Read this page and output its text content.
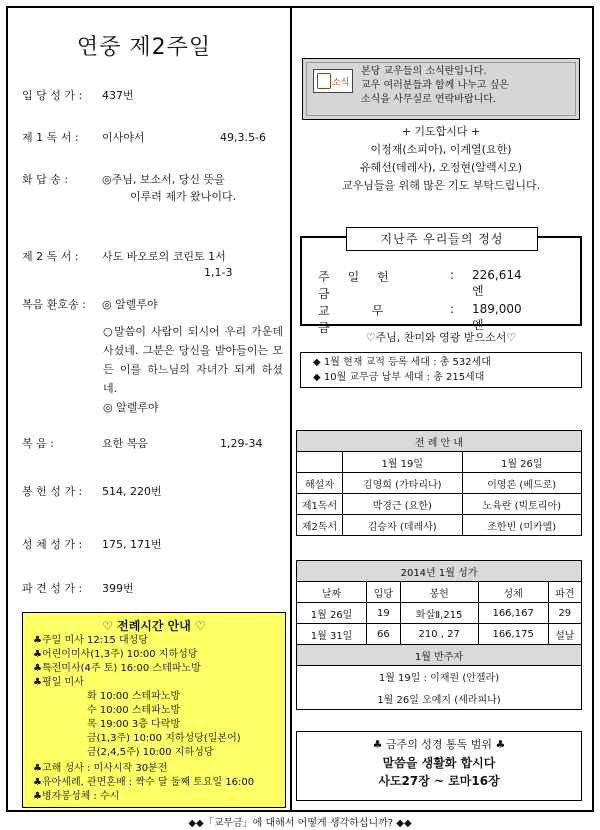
연중 제2주일
입 당 성 가 :	437번
제 1 독 서 :	이사야서	49,3.5-6
화 답 송 :	◎주님, 보소서, 당신 뜻을
이루려 제가 왔나이다.
제 2 독 서 :	사도 바오로의 코린토 1서
1,1-3
복음 환호송 :	◎ 알렐루야
○말씀이 사람이 되시어 우리 가운데 사셨네. 그분은 당신을 받아들이는 모든 이를 하느님의 자녀가 되게 하셨네.
◎ 알렐루야
복 음 :	요한 복음	1,29-34
봉 헌 성 가 :	514, 220번
성 체 성 가 :	175, 171번
파 견 성 가 :	399번
♡ 전례시간 안내 ♡
♣주일 미사 12:15 대성당
♣어린이미사(1,3주) 10:00 지하성당
♣특전미사(4주 토) 16:00 스테파노방
♣평일 미사
화 10:00 스테파노방
수 10:00 스테파노방
목 19:00 3층 다락방
금(1,3주) 10:00 지하성당(일본어)
금(2,4,5주) 10:00 지하성당
♣고해 성사 : 미사시작 30분전
♣유아세례, 관면혼배 : 짝수 달 둘째 토요일 16:00
♣병자봉성체 : 수시
소식
본당 교우들의 소식란입니다.
교우 여러분들과 함께 나누고 싶은
소식을 사무실로 연락바랍니다.
+ 기도합시다 +
이정재(소피아), 이계열(요한)
유혜선(데레사), 오정현(알렉시오)
교우님들을 위해 많은 기도 부탁드립니다.
지난주 우리들의 정성
주일헌금
: 226,614엔
교무금
: 189,000엔
♡주님, 찬미와 영광 받으소서♡
◆ 1월 현재 교적 등록 세대 : 총 532세대
◆ 10월 교무금 납부 세대 : 총 215세대
전 례 안 내		
	1월 19일	1월 26일
해설자	김영희 (가타리나)	이영론 (베드로)
제1독서	박경근 (요한)	노육란 (빅토리아)
제2독서	김승자 (데레사)	조한빈 (미카엘)
2014년 1월 성가				
날짜	입당	봉헌	성체	파견
1월 26일	19	화살Ⅱ,215	166,167	29
1월 31일	66	210 , 27	166,175	설날
1월 반주자				
1월 19일 : 이재원 (안젤라)				
1월 26일 오예지 (세라피나)				
♣ 금주의 성경 통독 범위 ♣
말씀을 생활화 합시다
사도27장 ~ 로마16장
◆◆「교무금」에 대해서 어떻게 생각하십니까? ◆◆
